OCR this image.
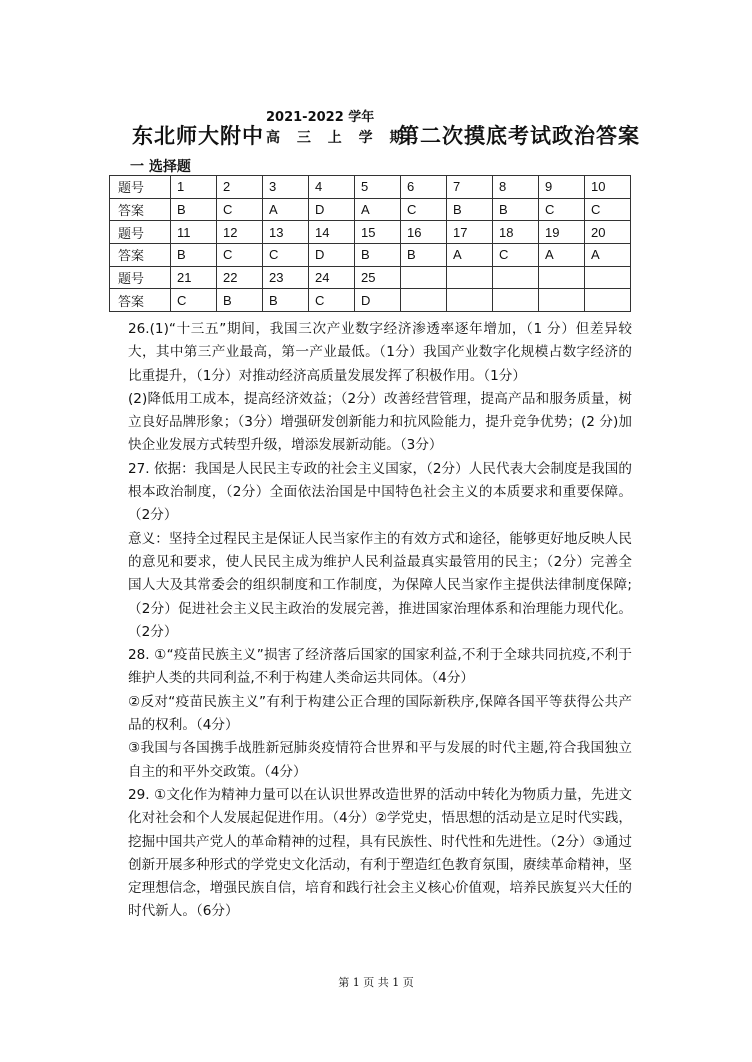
东北师大附中
2021-2022 学年
高 三 上 学 期
第二次摸底考试政治答案
一 选择题
题号	1	2	3	4	5	6	7	8	9	10
答案	B	C	A	D	A	C	B	B	C	C
题号	11	12	13	14	15	16	17	18	19	20
答案	B	C	C	D	B	B	A	C	A	A
题号	21	22	23	24	25					
答案	C	B	B	C	D					

26.(1)“十三五”期间，我国三次产业数字经济渗透率逐年增加，（1 分）但差异较大，其中第三产业最高，第一产业最低。（1分）我国产业数字化规模占数字经济的比重提升，（1分）对推动经济高质量发展发挥了积极作用。（1分）

(2)降低用工成本，提高经济效益；（2分）改善经营管理，提高产品和服务质量，树立良好品牌形象；（3分）增强研发创新能力和抗风险能力，提升竞争优势；(2 分)加快企业发展方式转型升级，增添发展新动能。（3分）

27. 依据：我国是人民民主专政的社会主义国家，（2分）人民代表大会制度是我国的根本政治制度，（2分）全面依法治国是中国特色社会主义的本质要求和重要保障。（2分）

意义：坚持全过程民主是保证人民当家作主的有效方式和途径，能够更好地反映人民的意见和要求，使人民民主成为维护人民利益最真实最管用的民主；（2分）完善全国人大及其常委会的组织制度和工作制度，为保障人民当家作主提供法律制度保障;（2分）促进社会主义民主政治的发展完善，推进国家治理体系和治理能力现代化。（2分）

28. ①“疫苗民族主义”损害了经济落后国家的国家利益,不利于全球共同抗疫,不利于维护人类的共同利益,不利于构建人类命运共同体。（4分）

②反对“疫苗民族主义”有利于构建公正合理的国际新秩序,保障各国平等获得公共产品的权利。（4分）

③我国与各国携手战胜新冠肺炎疫情符合世界和平与发展的时代主题,符合我国独立自主的和平外交政策。（4分）

29. ①文化作为精神力量可以在认识世界改造世界的活动中转化为物质力量，先进文化对社会和个人发展起促进作用。（4分）②学党史，悟思想的活动是立足时代实践，挖掘中国共产党人的革命精神的过程，具有民族性、时代性和先进性。（2分）③通过创新开展多种形式的学党史文化活动，有利于塑造红色教育氛围，赓续革命精神，坚定理想信念，增强民族自信，培育和践行社会主义核心价值观，培养民族复兴大任的时代新人。（6分）

第 1 页 共 1 页
